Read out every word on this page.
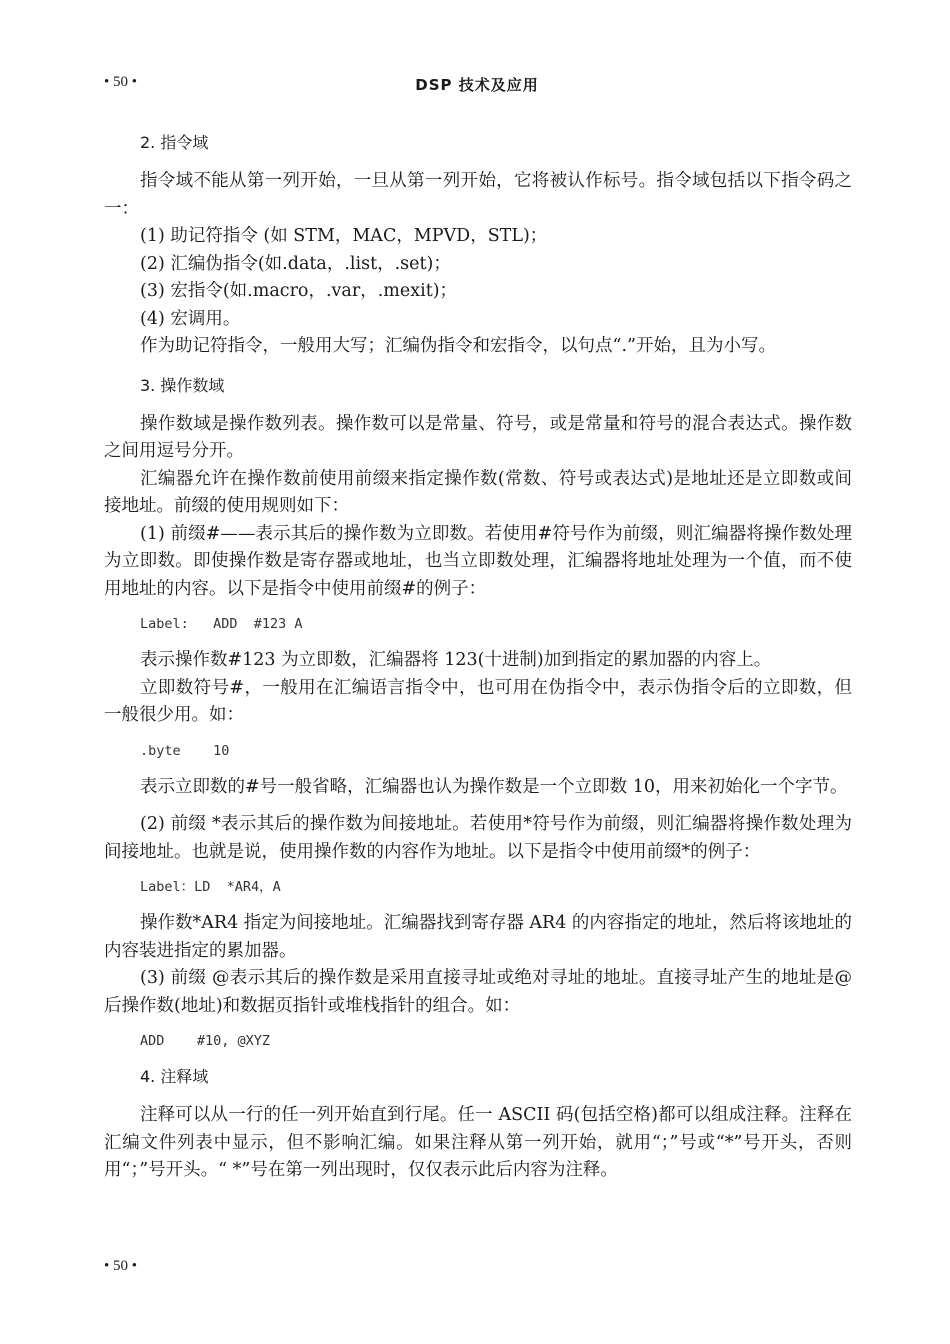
• 50 •	DSP 技术及应用
2. 指令域

指令域不能从第一列开始，一旦从第一列开始，它将被认作标号。指令域包括以下指令码之一：

(1) 助记符指令 (如 STM，MAC，MPVD，STL)；
(2) 汇编伪指令(如.data，.list，.set)；
(3) 宏指令(如.macro，.var，.mexit)；
(4) 宏调用。

作为助记符指令，一般用大写；汇编伪指令和宏指令，以句点“.”开始，且为小写。

3. 操作数域

操作数域是操作数列表。操作数可以是常量、符号，或是常量和符号的混合表达式。操作数之间用逗号分开。

汇编器允许在操作数前使用前缀来指定操作数(常数、符号或表达式)是地址还是立即数或间接地址。前缀的使用规则如下：

(1) 前缀#——表示其后的操作数为立即数。若使用#符号作为前缀，则汇编器将操作数处理为立即数。即使操作数是寄存器或地址，也当立即数处理，汇编器将地址处理为一个值，而不使用地址的内容。以下是指令中使用前缀#的例子：

Label:   ADD  #123 A

表示操作数#123 为立即数，汇编器将 123(十进制)加到指定的累加器的内容上。

立即数符号#，一般用在汇编语言指令中，也可用在伪指令中，表示伪指令后的立即数，但一般很少用。如：

.byte    10

表示立即数的#号一般省略，汇编器也认为操作数是一个立即数 10，用来初始化一个字节。

(2) 前缀 *表示其后的操作数为间接地址。若使用*符号作为前缀，则汇编器将操作数处理为间接地址。也就是说，使用操作数的内容作为地址。以下是指令中使用前缀*的例子：

Label：LD  *AR4，A

操作数*AR4 指定为间接地址。汇编器找到寄存器 AR4 的内容指定的地址，然后将该地址的内容装进指定的累加器。

(3) 前缀 @表示其后的操作数是采用直接寻址或绝对寻址的地址。直接寻址产生的地址是@后操作数(地址)和数据页指针或堆栈指针的组合。如：

ADD    #10, @XYZ
4. 注释域

注释可以从一行的任一列开始直到行尾。任一 ASCII 码(包括空格)都可以组成注释。注释在汇编文件列表中显示，但不影响汇编。如果注释从第一列开始，就用“；”号或“*”号开头，否则用“；”号开头。“ *”号在第一列出现时，仅仅表示此后内容为注释。

• 50 •
